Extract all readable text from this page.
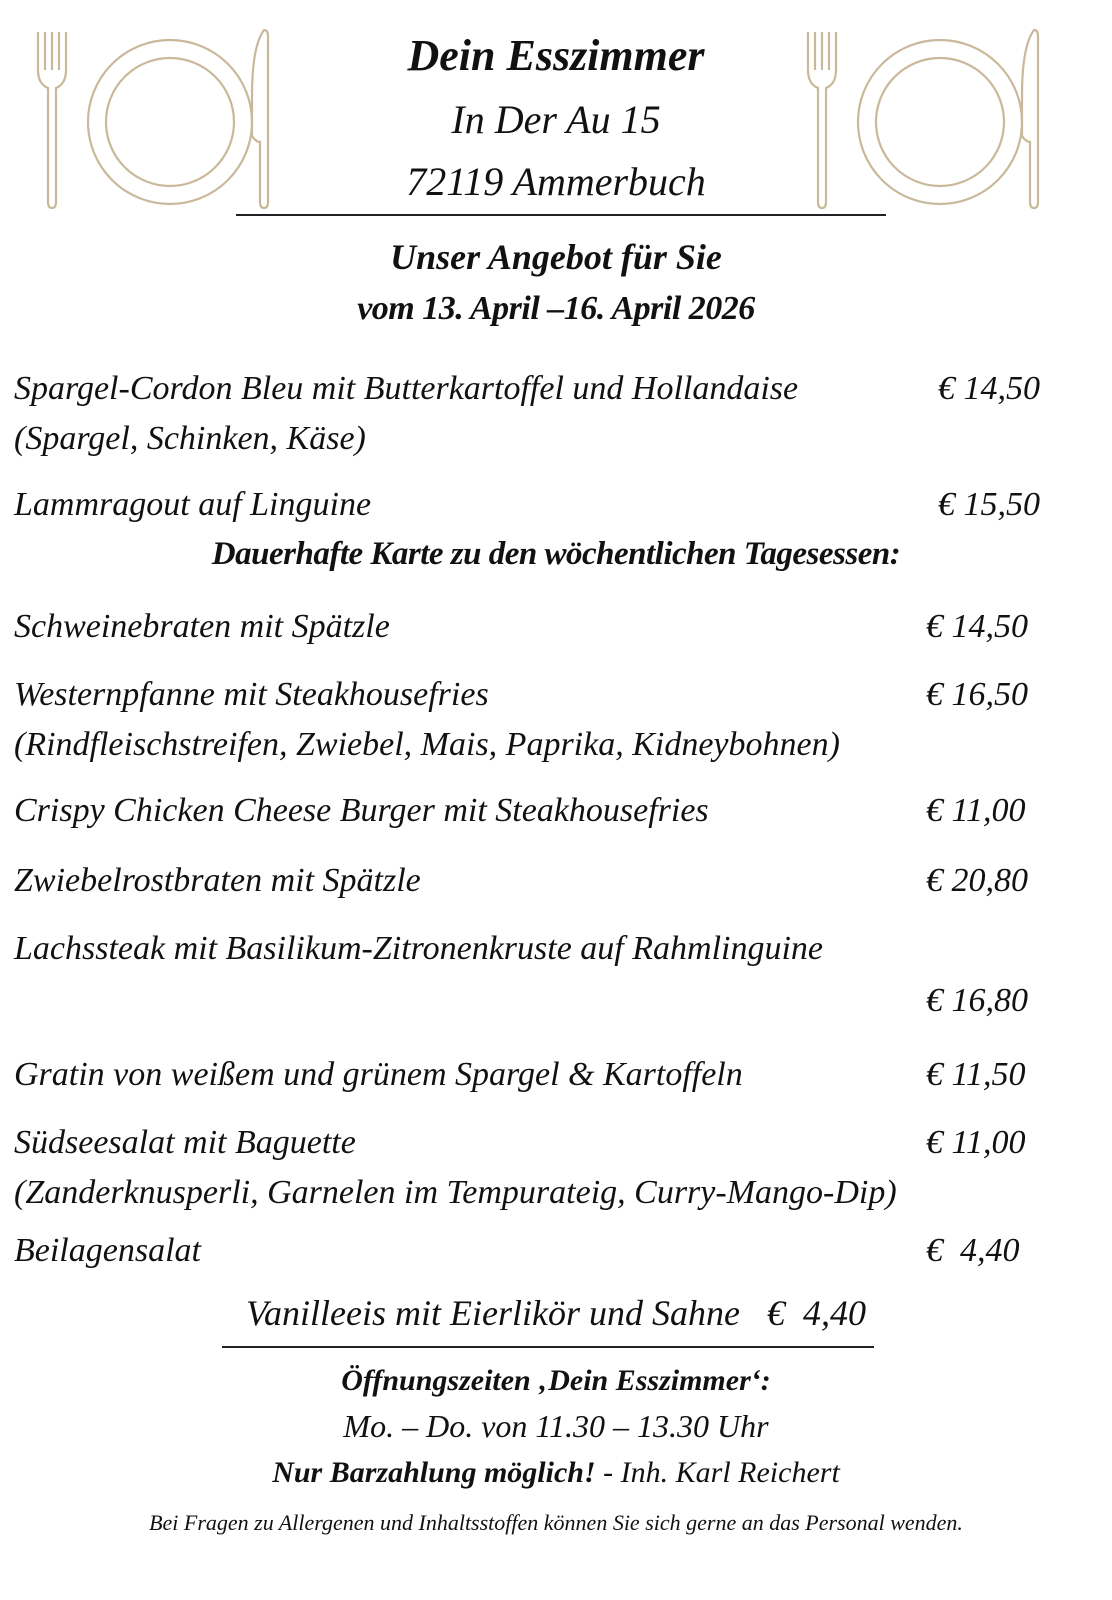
Dein Esszimmer
In Der Au 15
72119 Ammerbuch
Unser Angebot für Sie
vom 13. April –16. April 2026
Spargel-Cordon Bleu mit Butterkartoffel und Hollandaise	€ 14,50
(Spargel, Schinken, Käse)
Lammragout auf Linguine	€ 15,50
Dauerhafte Karte zu den wöchentlichen Tagesessen:
Schweinebraten mit Spätzle	€ 14,50
Westernpfanne mit Steakhousefries	€ 16,50
(Rindfleischstreifen, Zwiebel, Mais, Paprika, Kidneybohnen)
Crispy Chicken Cheese Burger mit Steakhousefries	€ 11,00
Zwiebelrostbraten mit Spätzle	€ 20,80
Lachssteak mit Basilikum-Zitronenkruste auf Rahmlinguine
€ 16,80
Gratin von weißem und grünem Spargel & Kartoffeln	€ 11,50
Südseesalat mit Baguette	€ 11,00
(Zanderknusperli, Garnelen im Tempurateig, Curry-Mango-Dip)
Beilagensalat	€  4,40
Vanilleeis mit Eierlikör und Sahne   €  4,40
Öffnungszeiten ‚Dein Esszimmer‘:
Mo. – Do. von 11.30 – 13.30 Uhr
Nur Barzahlung möglich! - Inh. Karl Reichert
Bei Fragen zu Allergenen und Inhaltsstoffen können Sie sich gerne an das Personal wenden.
